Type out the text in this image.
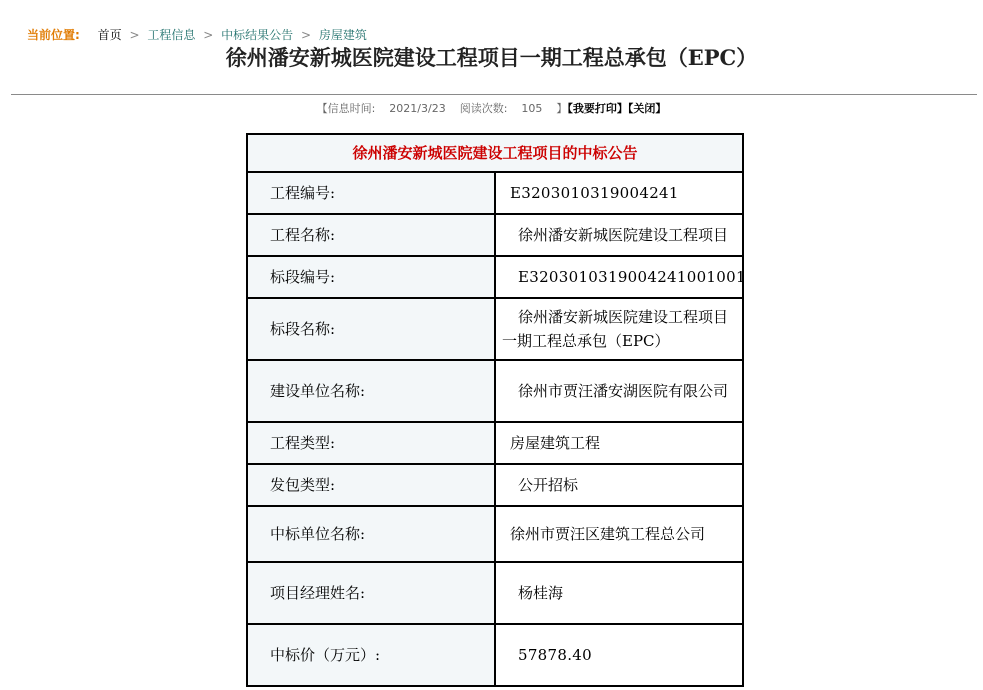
当前位置: 首页 > 工程信息 > 中标结果公告 > 房屋建筑
徐州潘安新城医院建设工程项目一期工程总承包（EPC）
【信息时间: 2021/3/23 阅读次数: 105 】【我要打印】【关闭】
徐州潘安新城医院建设工程项目的中标公告	

工程编号:	E3203010319004241

工程名称:	徐州潘安新城医院建设工程项目

标段编号:	E3203010319004241001001

标段名称:	徐州潘安新城医院建设工程项目一期工程总承包（EPC）

建设单位名称:	徐州市贾汪潘安湖医院有限公司

工程类型:	房屋建筑工程

发包类型:	公开招标

中标单位名称:	徐州市贾汪区建筑工程总公司

项目经理姓名:	杨桂海

中标价（万元）:	57878.40
